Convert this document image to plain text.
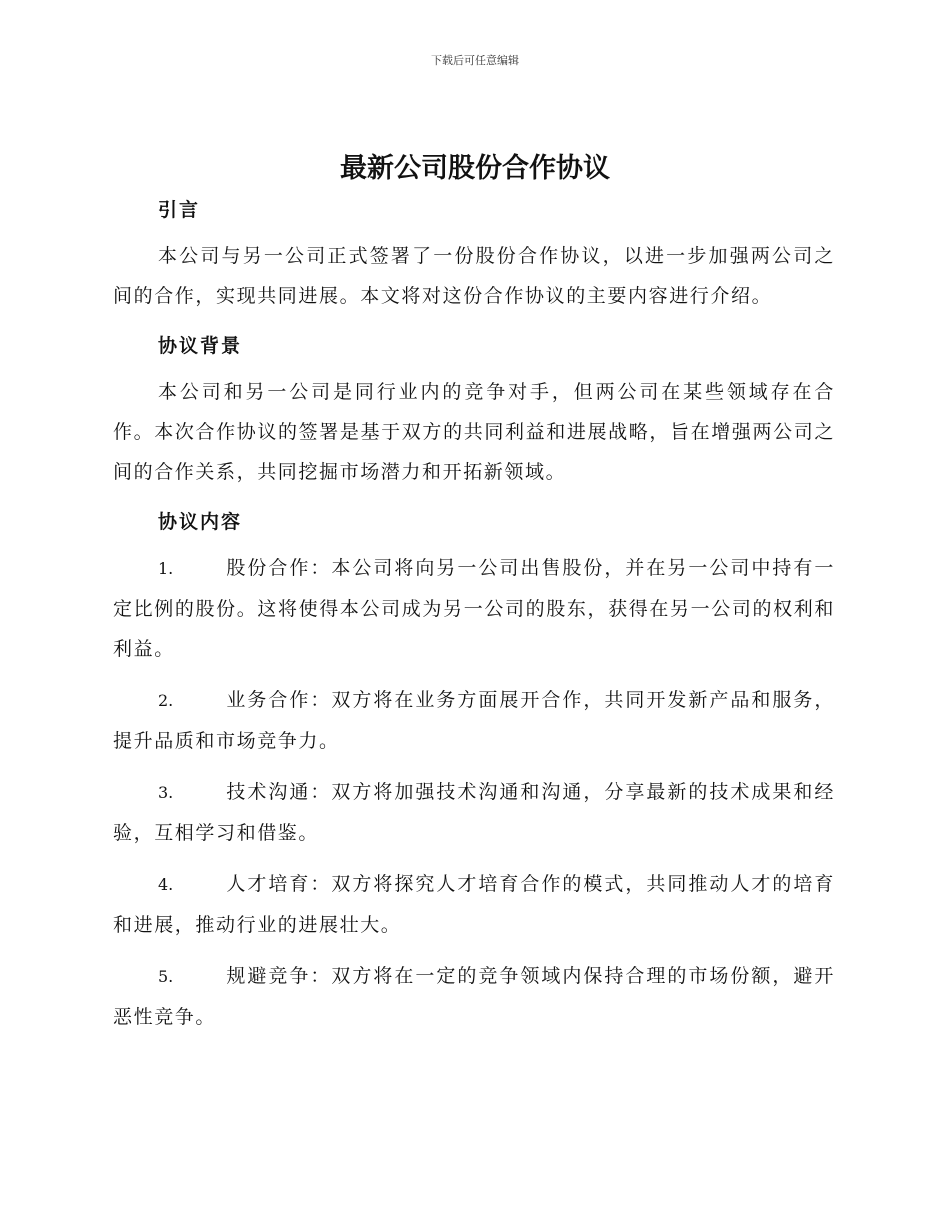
下载后可任意编辑
最新公司股份合作协议
引言
本公司与另一公司正式签署了一份股份合作协议，以进一步加强两公司之间的合作，实现共同进展。本文将对这份合作协议的主要内容进行介绍。
协议背景
本公司和另一公司是同行业内的竞争对手，但两公司在某些领域存在合作。本次合作协议的签署是基于双方的共同利益和进展战略，旨在增强两公司之间的合作关系，共同挖掘市场潜力和开拓新领域。
协议内容
1.	股份合作：本公司将向另一公司出售股份，并在另一公司中持有一定比例的股份。这将使得本公司成为另一公司的股东，获得在另一公司的权利和利益。
2.	业务合作：双方将在业务方面展开合作，共同开发新产品和服务，提升品质和市场竞争力。
3.	技术沟通：双方将加强技术沟通和沟通，分享最新的技术成果和经验，互相学习和借鉴。
4.	人才培育：双方将探究人才培育合作的模式，共同推动人才的培育和进展，推动行业的进展壮大。
5.	规避竞争：双方将在一定的竞争领域内保持合理的市场份额，避开恶性竞争。
